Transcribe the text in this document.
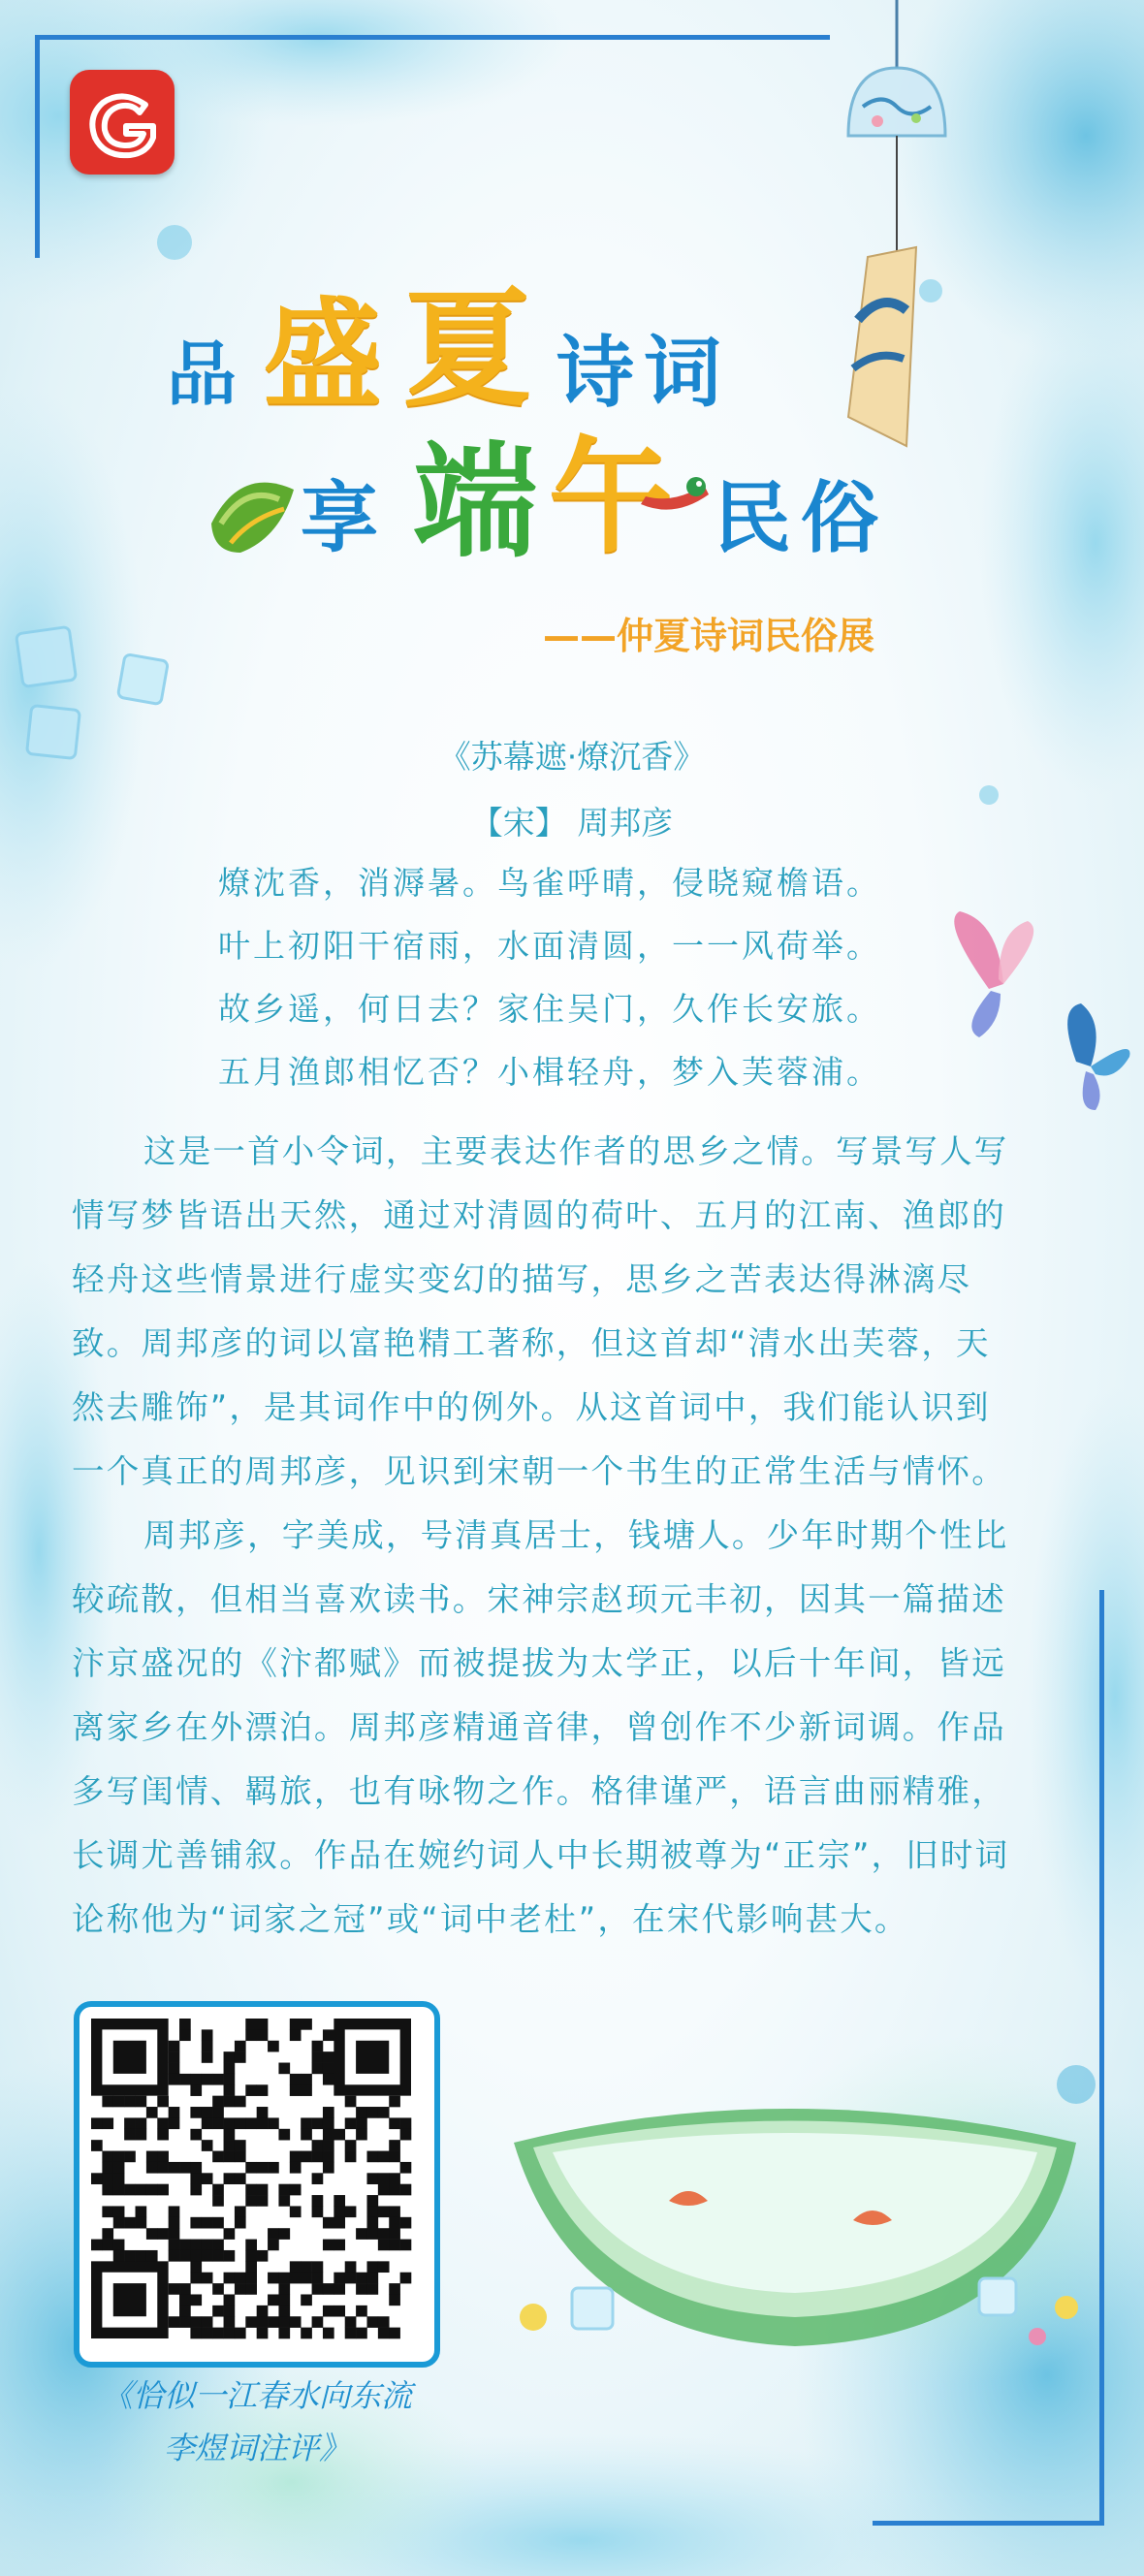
品 盛 夏 诗 词
享 端 午 民 俗
——仲夏诗词民俗展
《苏幕遮·燎沉香》
【宋】 周邦彦
燎沈香，消溽暑。鸟雀呼晴，侵晓窥檐语。
叶上初阳干宿雨，水面清圆，一一风荷举。
故乡遥，何日去？家住吴门，久作长安旅。
五月渔郎相忆否？小楫轻舟，梦入芙蓉浦。
这是一首小令词，主要表达作者的思乡之情。写景写人写
情写梦皆语出天然，通过对清圆的荷叶、五月的江南、渔郎的
轻舟这些情景进行虚实变幻的描写，思乡之苦表达得淋漓尽
致。周邦彦的词以富艳精工著称，但这首却“清水出芙蓉，天
然去雕饰”，是其词作中的例外。从这首词中，我们能认识到
一个真正的周邦彦，见识到宋朝一个书生的正常生活与情怀。
周邦彦，字美成，号清真居士，钱塘人。少年时期个性比
较疏散，但相当喜欢读书。宋神宗赵顼元丰初，因其一篇描述
汴京盛况的《汴都赋》而被提拔为太学正，以后十年间，皆远
离家乡在外漂泊。周邦彦精通音律，曾创作不少新词调。作品
多写闺情、羁旅，也有咏物之作。格律谨严，语言曲丽精雅，
长调尤善铺叙。作品在婉约词人中长期被尊为“正宗”，旧时词
论称他为“词家之冠”或“词中老杜”，在宋代影响甚大。
《恰似一江春水向东流
李煜词注评》
